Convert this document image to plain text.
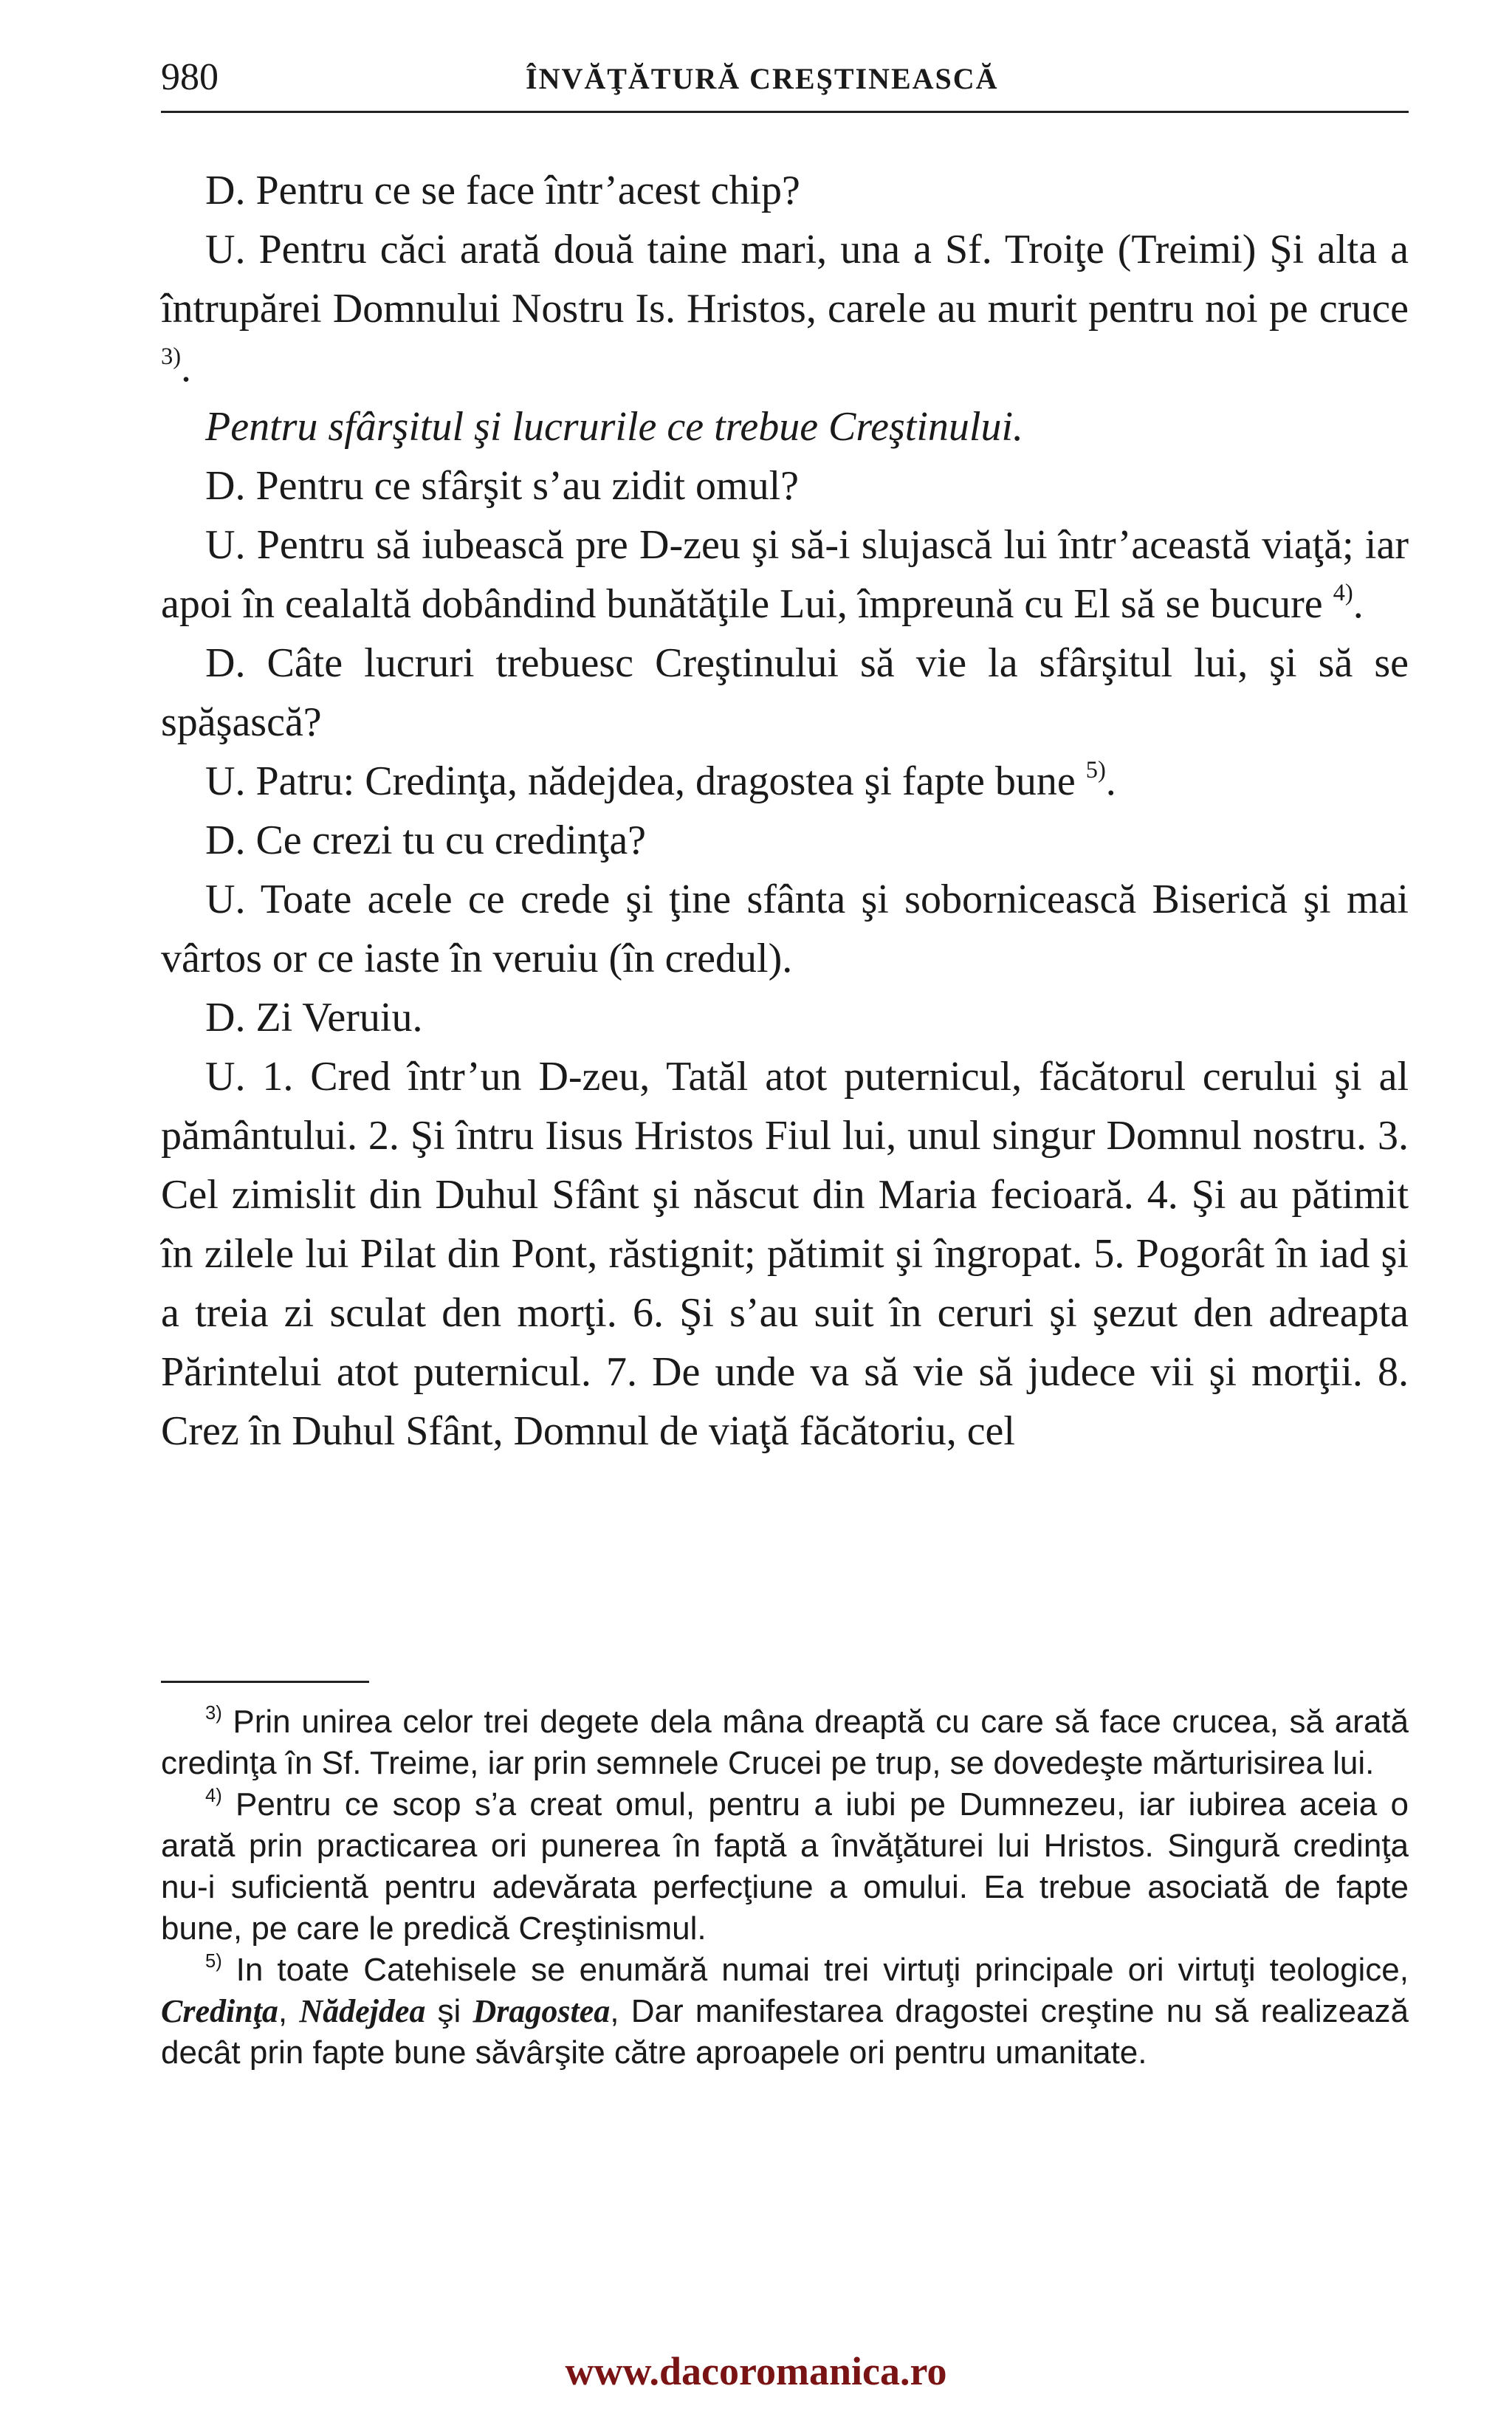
980	ÎNVĂŢĂTURĂ CREŞTINEASCĂ

D. Pentru ce se face într’acest chip?

U. Pentru căci arată două taine mari, una a Sf. Troiţe (Treimi) Şi alta a întrupărei Domnului Nostru Is. Hristos, carele au murit pentru noi pe cruce $^{3)}$.

Pentru sfârşitul şi lucrurile ce trebue Creştinului.

D. Pentru ce sfârşit s’au zidit omul?

U. Pentru să iubească pre D-zeu şi să-i slujască lui într’această viaţă; iar apoi în cealaltă dobândind bunătăţile Lui, împreună cu El să se bucure $^{4)}$.

D. Câte lucruri trebuesc Creştinului să vie la sfârşitul lui, şi să se spăşască?

U. Patru: Credinţa, nădejdea, dragostea şi fapte bune $^{5)}$.

D. Ce crezi tu cu credinţa?

U. Toate acele ce crede şi ţine sfânta şi sobornicească Biserică şi mai vârtos or ce iaste în veruiu (în credul).

D. Zi Veruiu.

U. 1. Cred într’un D-zeu, Tatăl atot puternicul, făcătorul cerului şi al pământului. 2. Şi întru Iisus Hristos Fiul lui, unul singur Domnul nostru. 3. Cel zimislit din Duhul Sfânt şi născut din Maria fecioară. 4. Şi au pătimit în zilele lui Pilat din Pont, răstignit; pătimit şi îngropat. 5. Pogorât în iad şi a treia zi sculat den morţi. 6. Şi s’au suit în ceruri şi şezut den adreapta Părintelui atot puternicul. 7. De unde va să vie să judece vii şi morţii. 8. Crez în Duhul Sfânt, Domnul de viaţă făcătoriu, cel

$^{3)}$ Prin unirea celor trei degete dela mâna dreaptă cu care să face crucea, să arată credinţa în Sf. Treime, iar prin semnele Crucei pe trup, se dovedeşte mărturisirea lui.

$^{4)}$ Pentru ce scop s’a creat omul, pentru a iubi pe Dumnezeu, iar iubirea aceia o arată prin practicarea ori punerea în faptă a învăţăturei lui Hristos. Singură credinţa nu-i suficientă pentru adevărata perfecţiune a omului. Ea trebue asociată de fapte bune, pe care le predică Creştinismul.

$^{5)}$ In toate Catehisele se enumără numai trei virtuţi principale ori virtuţi teologice, Credinţa, Nădejdea şi Dragostea, Dar manifestarea dragostei creştine nu să realizează decât prin fapte bune săvârşite către aproapele ori pentru umanitate.

www.dacoromanica.ro
